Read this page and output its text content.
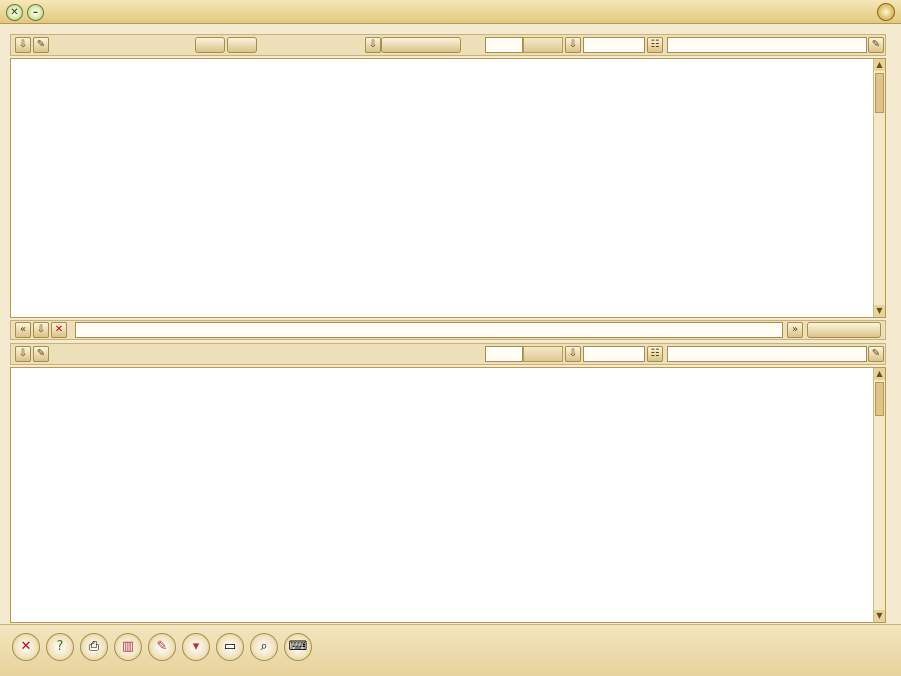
✕	–
⇩ ✎	⇩	⇩	☷	✎
▲
▼
«	⇩ ✕	»
⇩ ✎	⇩	☷	✎
▲
▼
✕	?	⎙	▥	✎	▾	▭	⌕	⌨
